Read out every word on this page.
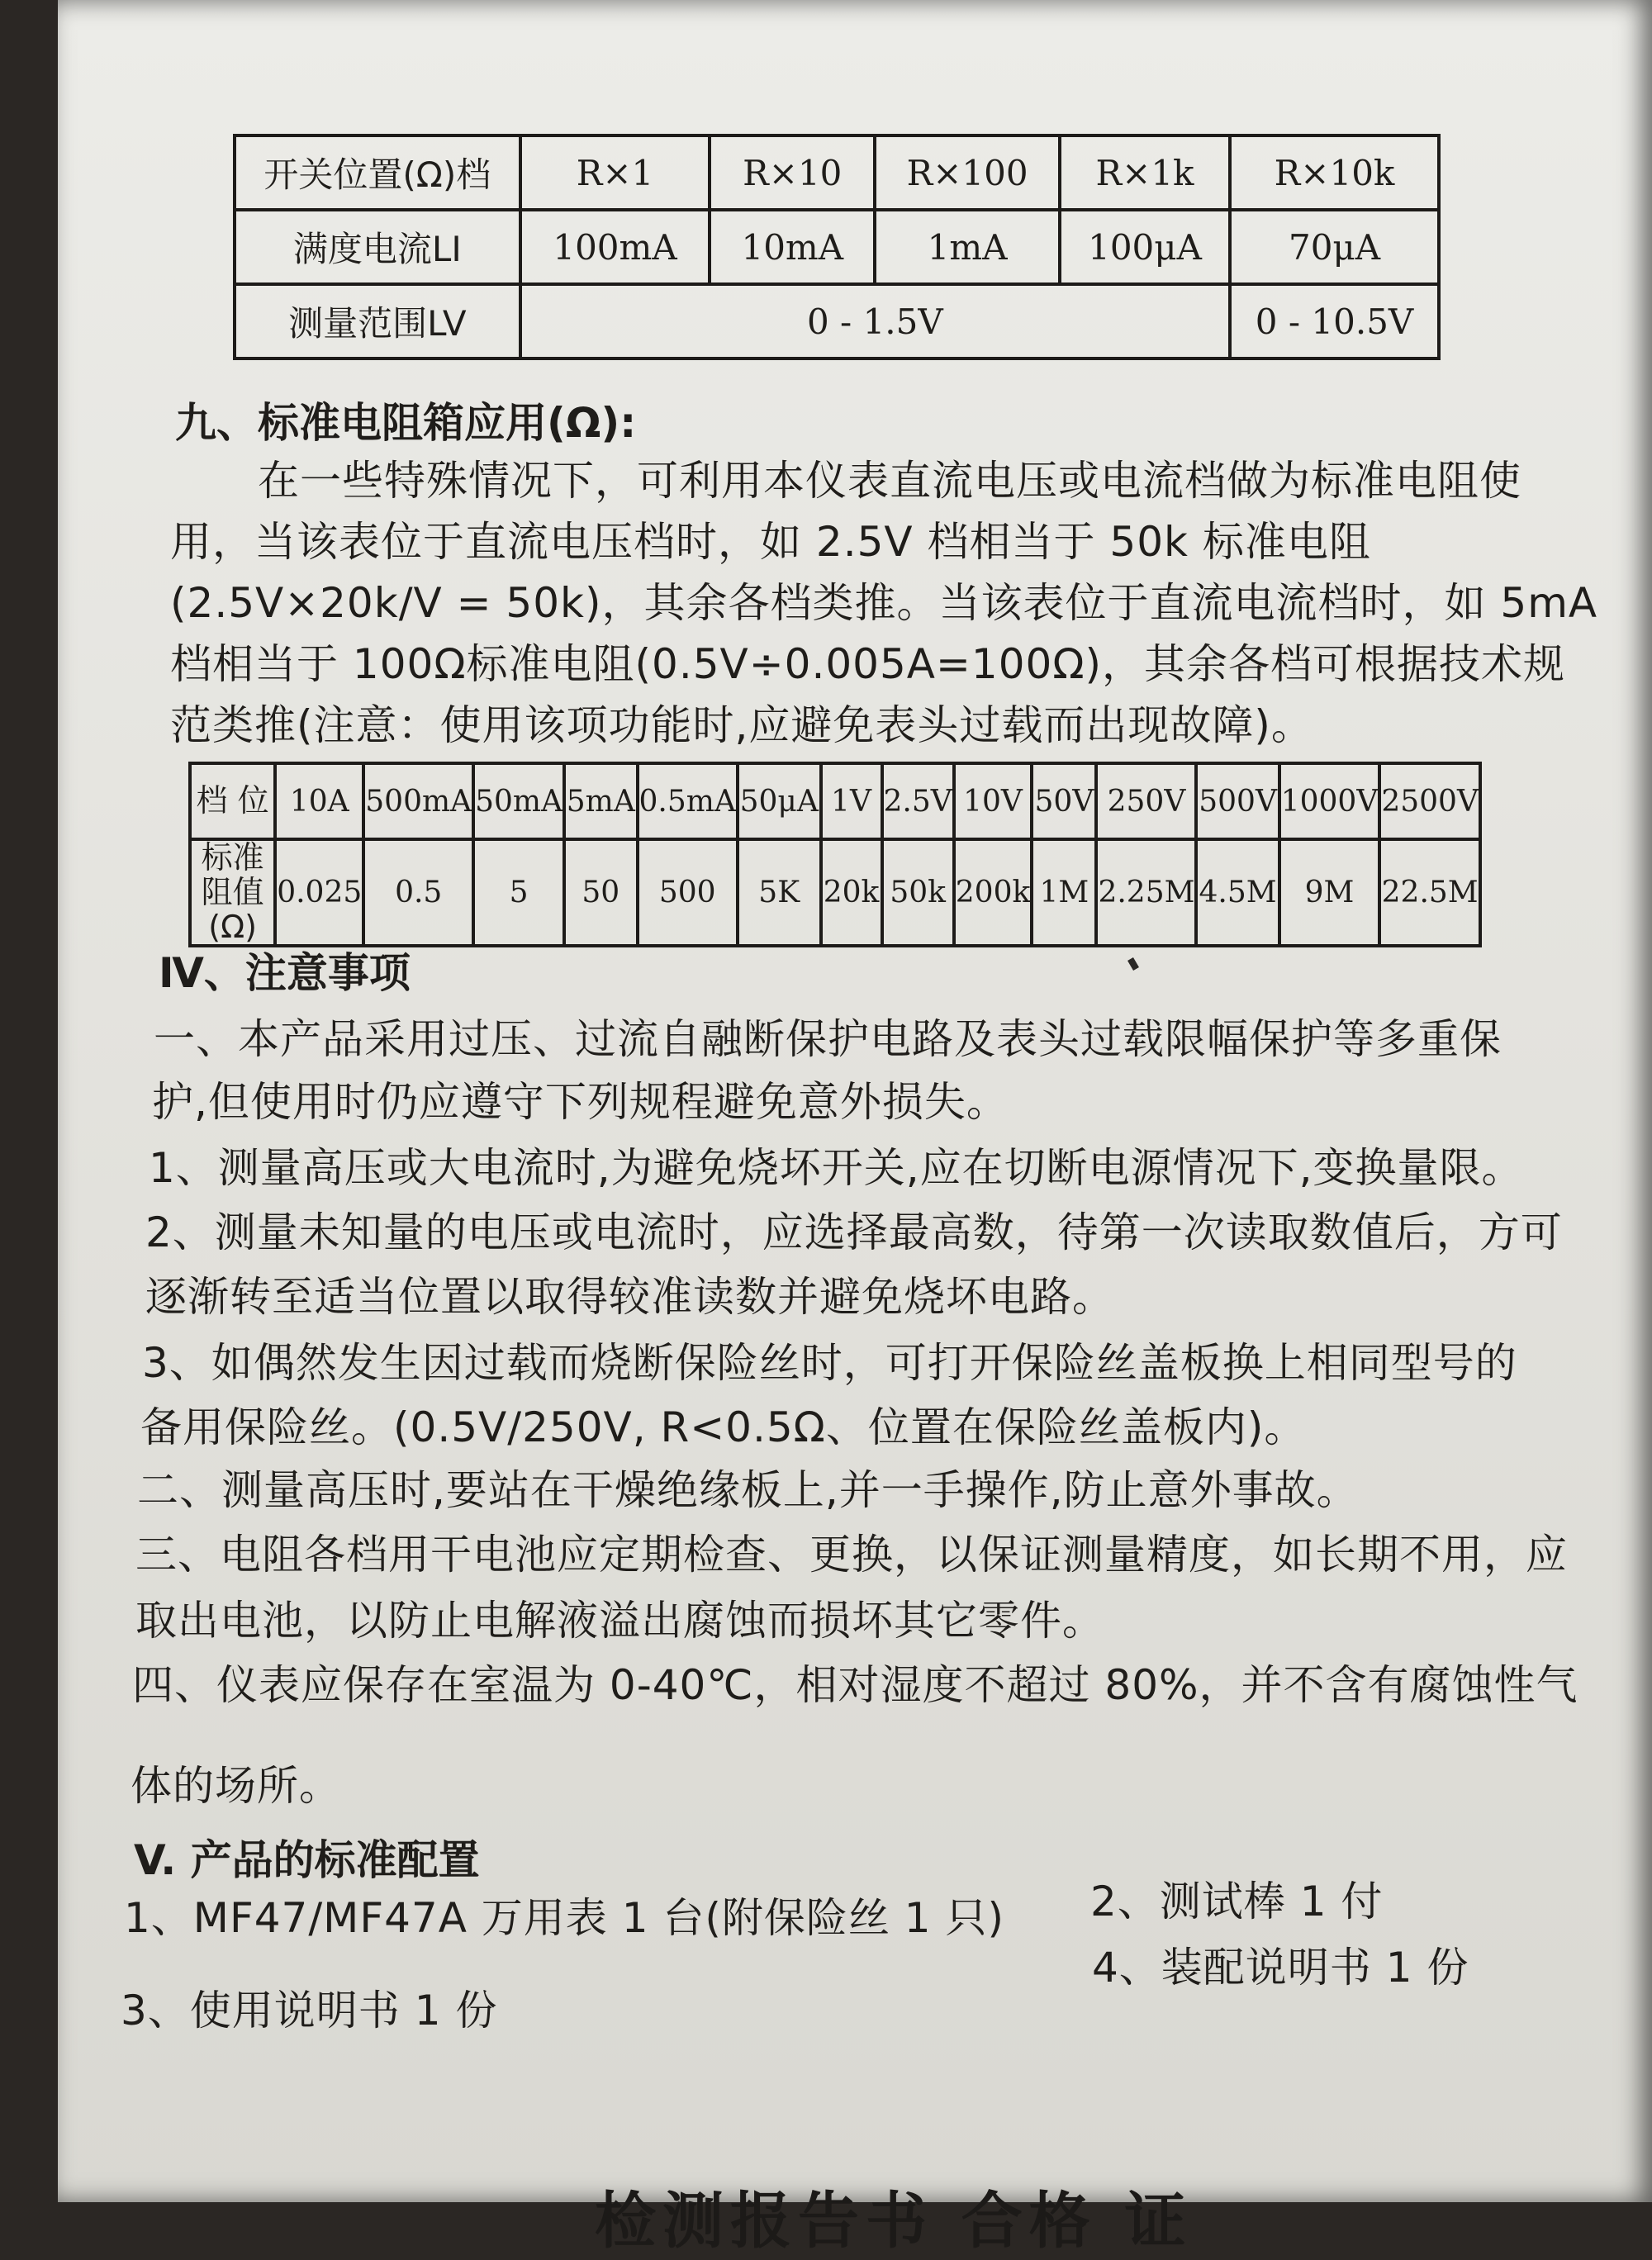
开关位置(Ω)档	R×1	R×10	R×100	R×1k	R×10k
满度电流LI	100mA	10mA	1mA	100μA	70μA
测量范围LV	0 - 1.5V				0 - 10.5V
九、标准电阻箱应用(Ω):
在一些特殊情况下，可利用本仪表直流电压或电流档做为标准电阻使
用，当该表位于直流电压档时，如 2.5V 档相当于 50k 标准电阻
(2.5V×20k/V = 50k)，其余各档类推。当该表位于直流电流档时，如 5mA
档相当于 100Ω标准电阻(0.5V÷0.005A=100Ω)，其余各档可根据技术规
范类推(注意：使用该项功能时,应避免表头过载而出现故障)。
档 位	10A	500mA	50mA	5mA	0.5mA	50μA	1V	2.5V	10V	50V	250V	500V	1000V	2500V
标准阻值(Ω)	0.025	0.5	5	50	500	5K	20k	50k	200k	1M	2.25M	4.5M	9M	22.5M
Ⅳ、注意事项
一、本产品采用过压、过流自融断保护电路及表头过载限幅保护等多重保
护,但使用时仍应遵守下列规程避免意外损失。
1、测量高压或大电流时,为避免烧坏开关,应在切断电源情况下,变换量限。
2、测量未知量的电压或电流时，应选择最高数，待第一次读取数值后，方可
逐渐转至适当位置以取得较准读数并避免烧坏电路。
3、如偶然发生因过载而烧断保险丝时，可打开保险丝盖板换上相同型号的
备用保险丝。(0.5V/250V, R<0.5Ω、位置在保险丝盖板内)。
二、测量高压时,要站在干燥绝缘板上,并一手操作,防止意外事故。
三、电阻各档用干电池应定期检查、更换，以保证测量精度，如长期不用，应
取出电池，以防止电解液溢出腐蚀而损坏其它零件。
四、仪表应保存在室温为 0-40℃，相对湿度不超过 80%，并不含有腐蚀性气
体的场所。
V. 产品的标准配置
1、MF47/MF47A 万用表 1 台(附保险丝 1 只) 2、测试棒 1 付
3、使用说明书 1 份
4、装配说明书 1 份
检测报告书 合格 证
